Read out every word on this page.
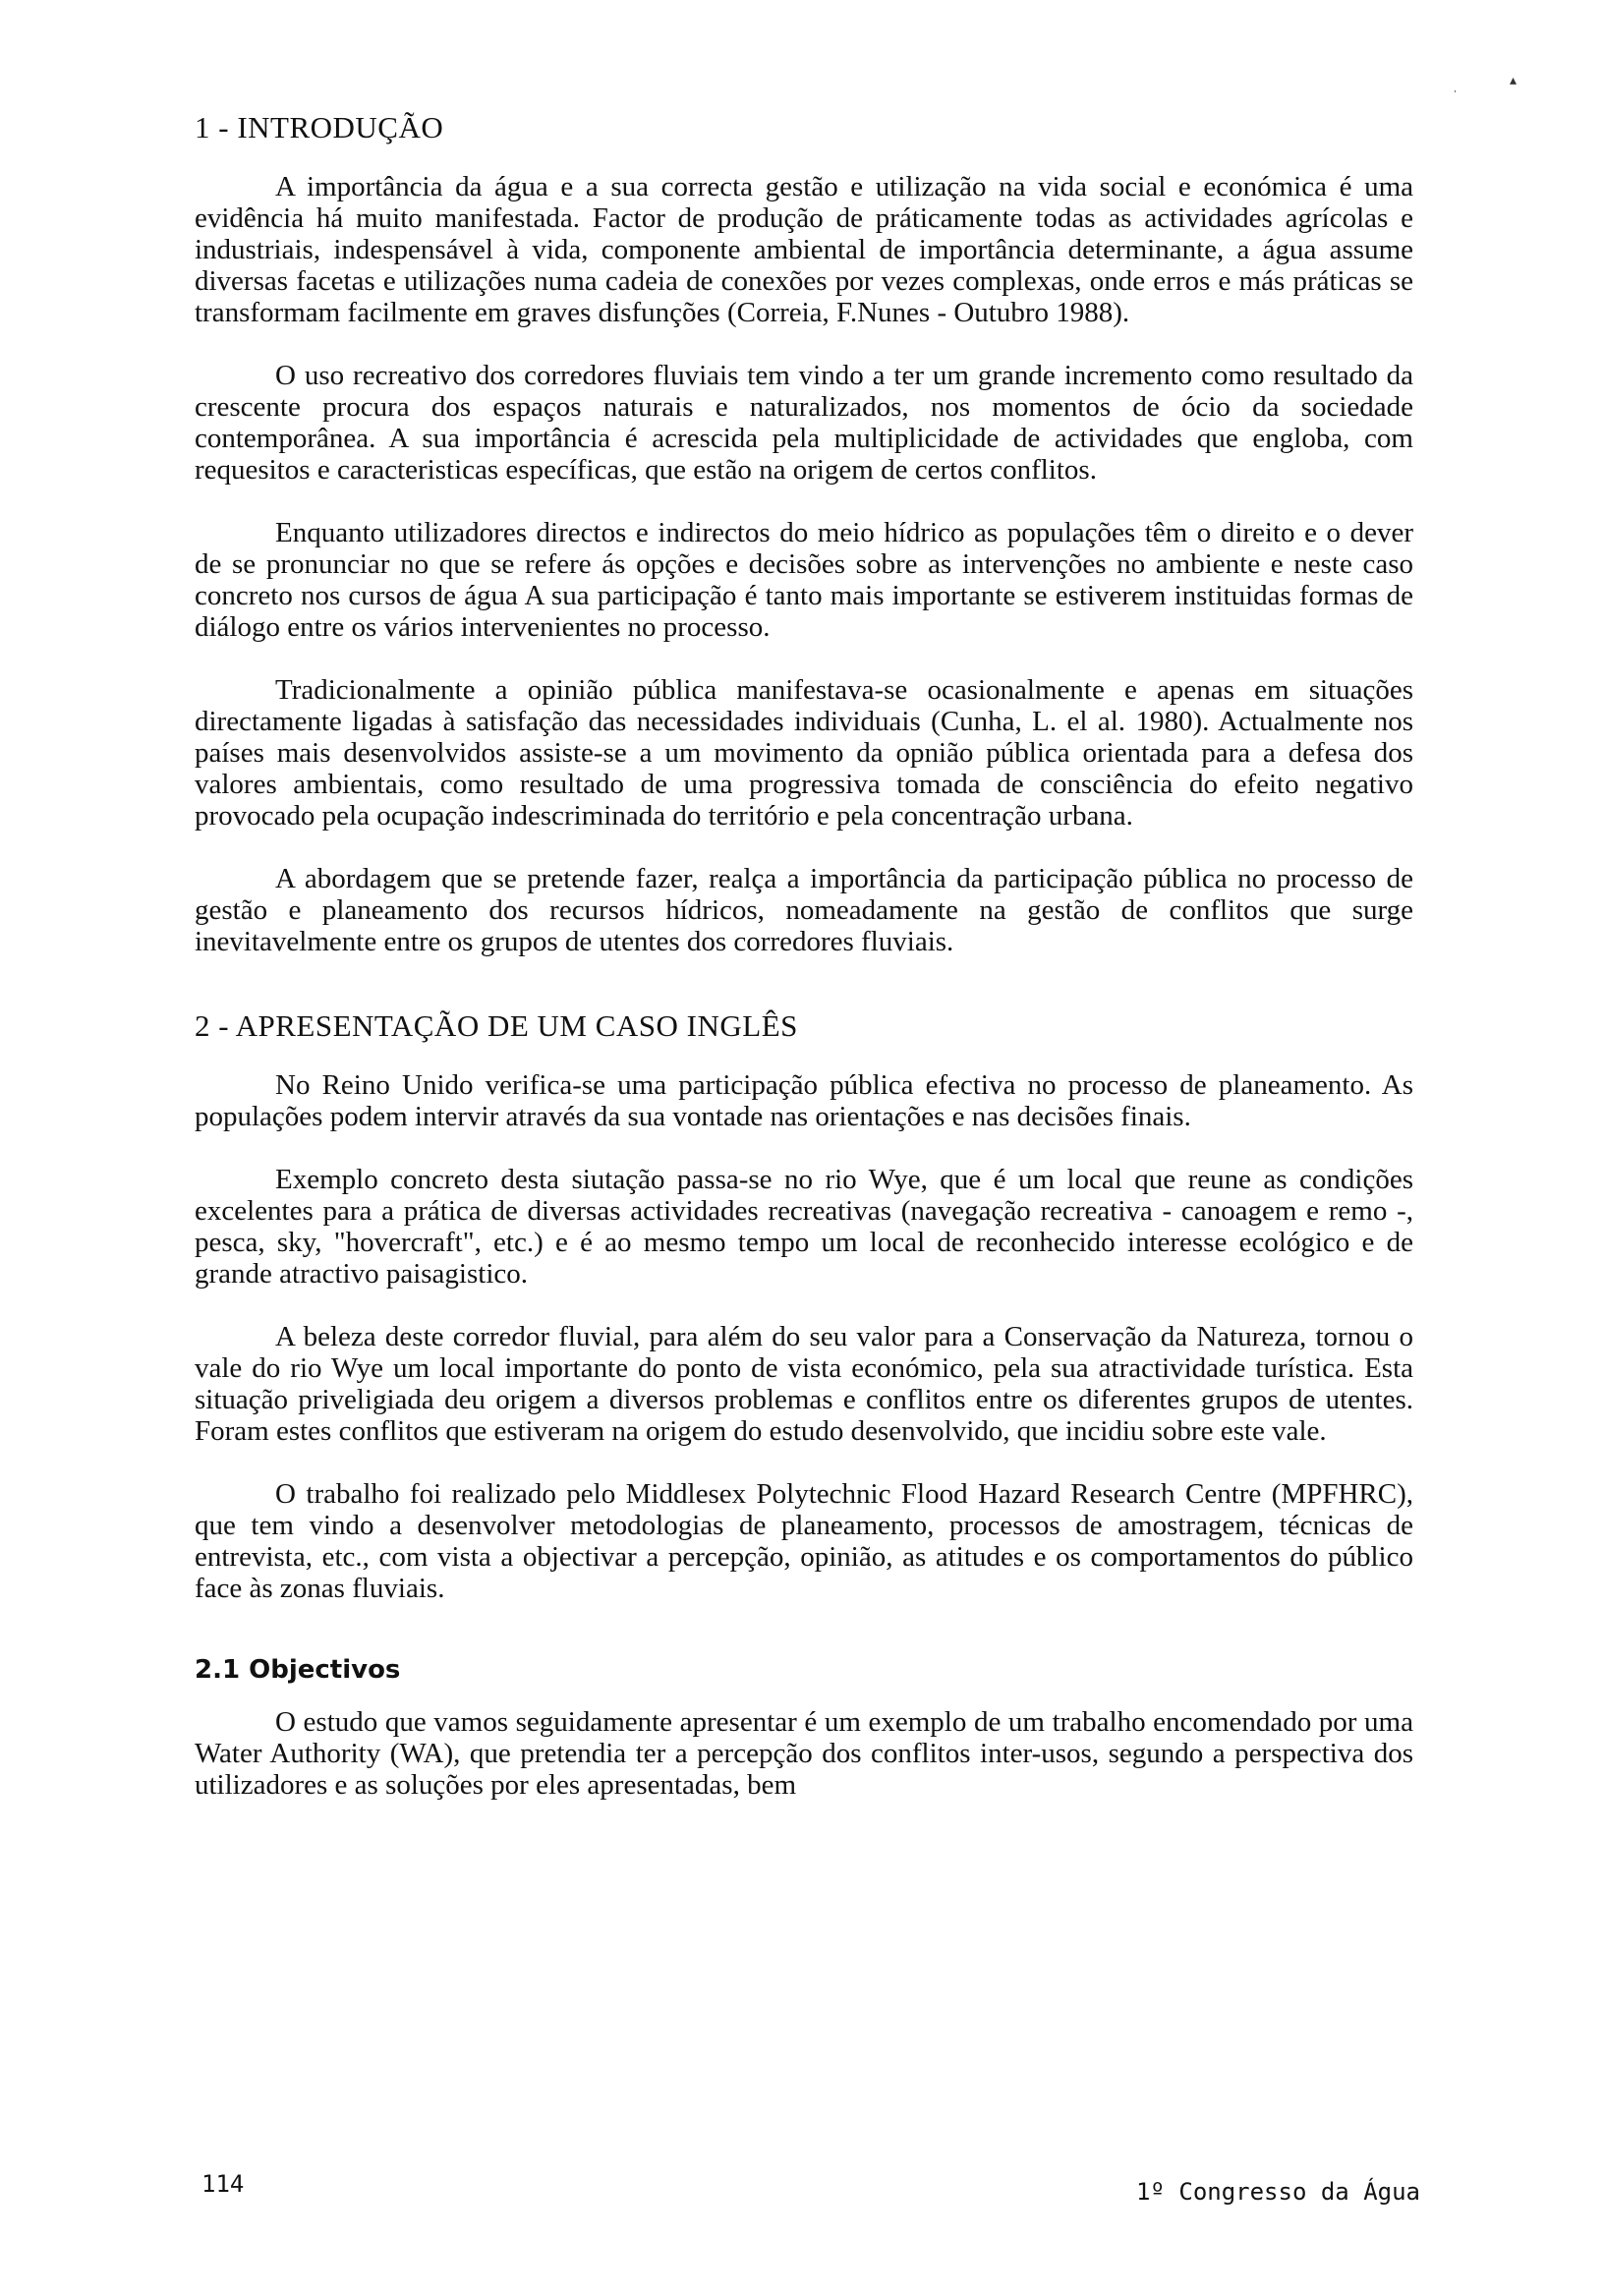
ˌ	▴
1 - INTRODUÇÃO

A importância da água e a sua correcta gestão e utilização na vida social e económica é uma evidência há muito manifestada. Factor de produção de práticamente todas as actividades agrícolas e industriais, indespensável à vida, componente ambiental de importância determinante, a água assume diversas facetas e utilizações numa cadeia de conexões por vezes complexas, onde erros e más práticas se transformam facilmente em graves disfunções (Correia, F.Nunes - Outubro 1988).

O uso recreativo dos corredores fluviais tem vindo a ter um grande incremento como resultado da crescente procura dos espaços naturais e naturalizados, nos momentos de ócio da sociedade contemporânea. A sua importância é acrescida pela multiplicidade de actividades que engloba, com requesitos e caracteristicas específicas, que estão na origem de certos conflitos.

Enquanto utilizadores directos e indirectos do meio hídrico as populações têm o direito e o dever de se pronunciar no que se refere ás opções e decisões sobre as intervenções no ambiente e neste caso concreto nos cursos de água A sua participação é tanto mais importante se estiverem instituidas formas de diálogo entre os vários intervenientes no processo.

Tradicionalmente a opinião pública manifestava-se ocasionalmente e apenas em situações directamente ligadas à satisfação das necessidades individuais (Cunha, L. el al. 1980). Actualmente nos países mais desenvolvidos assiste-se a um movimento da opnião pública orientada para a defesa dos valores ambientais, como resultado de uma progressiva tomada de consciência do efeito negativo provocado pela ocupação indescriminada do território e pela concentração urbana.

A abordagem que se pretende fazer, realça a importância da participação pública no processo de gestão e planeamento dos recursos hídricos, nomeadamente na gestão de conflitos que surge inevitavelmente entre os grupos de utentes dos corredores fluviais.

2 - APRESENTAÇÃO DE UM CASO INGLÊS

No Reino Unido verifica-se uma participação pública efectiva no processo de planeamento. As populações podem intervir através da sua vontade nas orientações e nas decisões finais.

Exemplo concreto desta siutação passa-se no rio Wye, que é um local que reune as condições excelentes para a prática de diversas actividades recreativas (navegação recreativa - canoagem e remo -, pesca, sky, "hovercraft", etc.) e é ao mesmo tempo um local de reconhecido interesse ecológico e de grande atractivo paisagistico.

A beleza deste corredor fluvial, para além do seu valor para a Conservação da Natureza, tornou o vale do rio Wye um local importante do ponto de vista económico, pela sua atractividade turística. Esta situação priveligiada deu origem a diversos problemas e conflitos entre os diferentes grupos de utentes. Foram estes conflitos que estiveram na origem do estudo desenvolvido, que incidiu sobre este vale.

O trabalho foi realizado pelo Middlesex Polytechnic Flood Hazard Research Centre (MPFHRC), que tem vindo a desenvolver metodologias de planeamento, processos de amostragem, técnicas de entrevista, etc., com vista a objectivar a percepção, opinião, as atitudes e os comportamentos do público face às zonas fluviais.

2.1 Objectivos

O estudo que vamos seguidamente apresentar é um exemplo de um trabalho encomendado por uma Water Authority (WA), que pretendia ter a percepção dos conflitos inter-usos, segundo a perspectiva dos utilizadores e as soluções por eles apresentadas, bem

114	1º Congresso da Água
